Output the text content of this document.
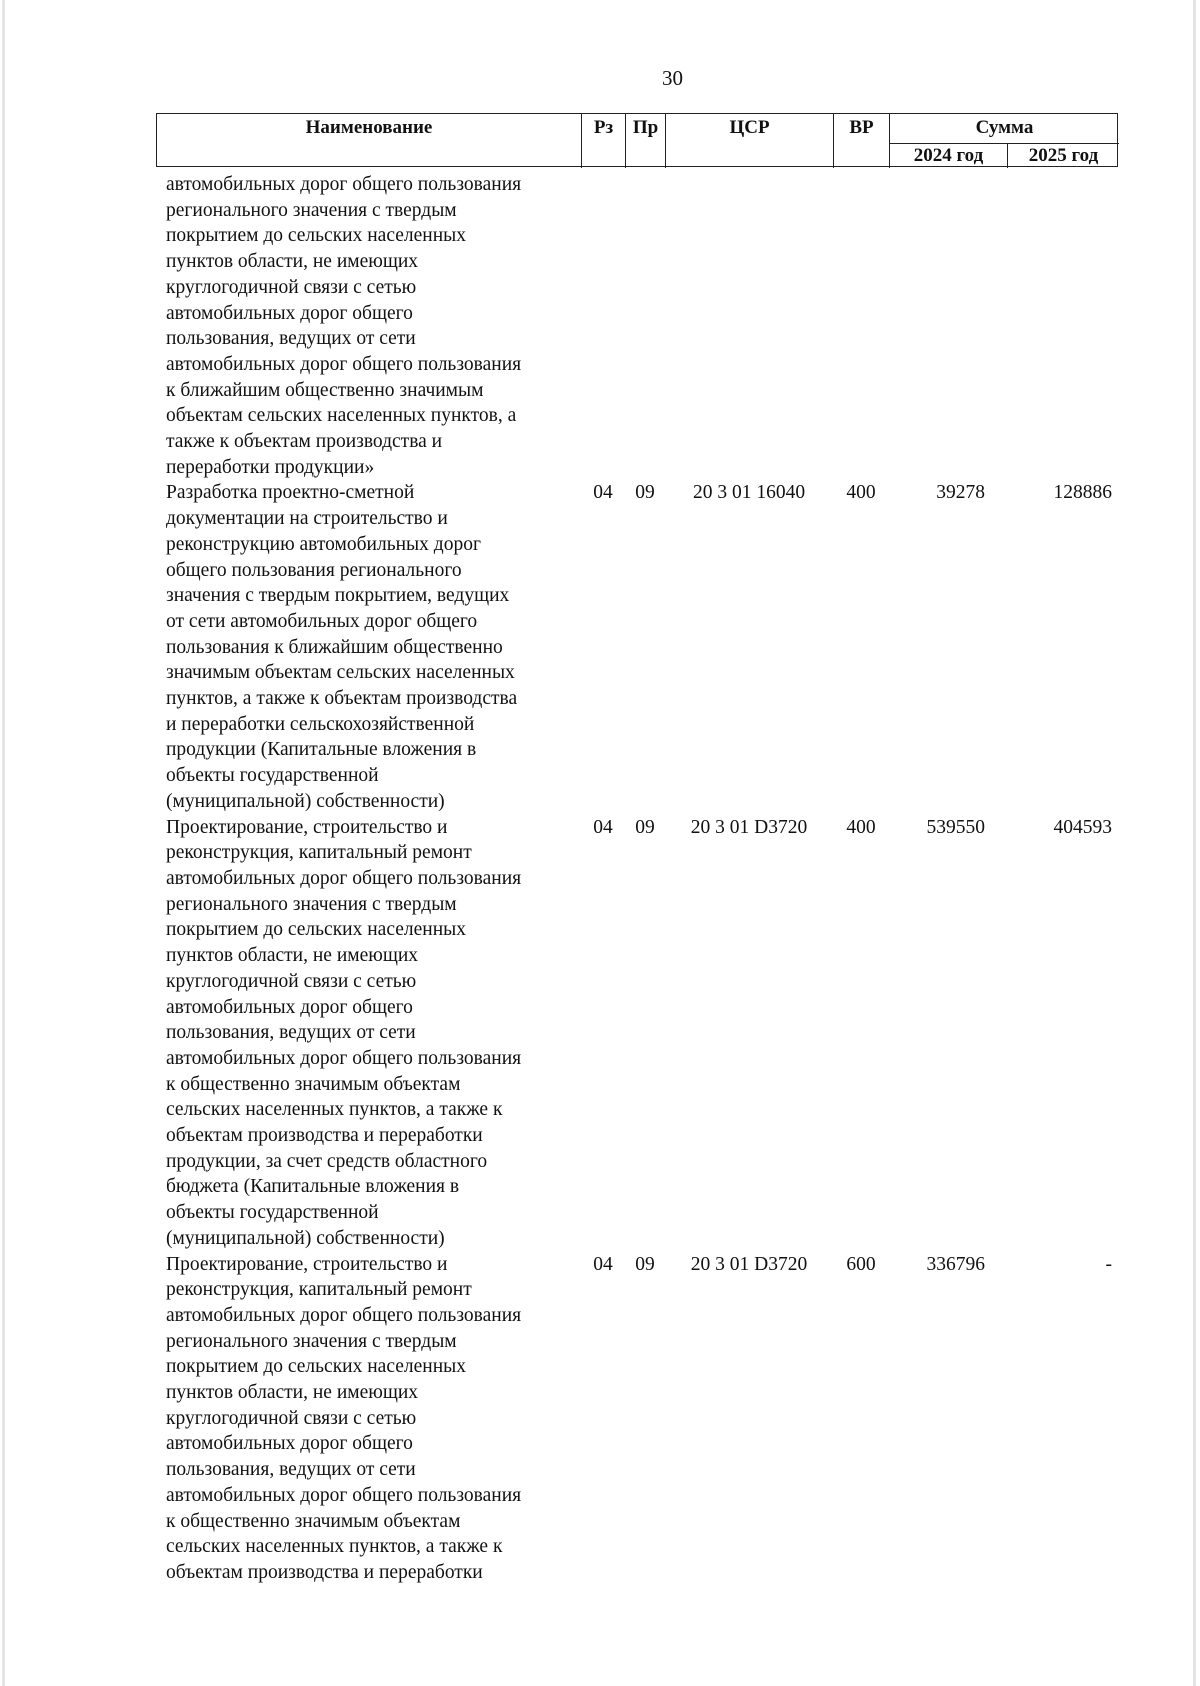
30
Наименование	Рз	Пр	ЦСР	ВР	Сумма
2024 год	2025 год
автомобильных дорог общего пользования
регионального значения с твердым
покрытием до сельских населенных
пунктов области, не имеющих
круглогодичной связи с сетью
автомобильных дорог общего
пользования, ведущих от сети
автомобильных дорог общего пользования
к ближайшим общественно значимым
объектам сельских населенных пунктов, а
также к объектам производства и
переработки продукции»
Разработка проектно-сметной
документации на строительство и
реконструкцию автомобильных дорог
общего пользования регионального
значения с твердым покрытием, ведущих
от сети автомобильных дорог общего
пользования к ближайшим общественно
значимым объектам сельских населенных
пунктов, а также к объектам производства
и переработки сельскохозяйственной
продукции (Капитальные вложения в
объекты государственной
(муниципальной) собственности)
04	09	20 3 01 16040	400	39278	128886
Проектирование, строительство и
реконструкция, капитальный ремонт
автомобильных дорог общего пользования
регионального значения с твердым
покрытием до сельских населенных
пунктов области, не имеющих
круглогодичной связи с сетью
автомобильных дорог общего
пользования, ведущих от сети
автомобильных дорог общего пользования
к общественно значимым объектам
сельских населенных пунктов, а также к
объектам производства и переработки
продукции, за счет средств областного
бюджета (Капитальные вложения в
объекты государственной
(муниципальной) собственности)
04	09	20 3 01 D3720	400	539550	404593
Проектирование, строительство и
реконструкция, капитальный ремонт
автомобильных дорог общего пользования
регионального значения с твердым
покрытием до сельских населенных
пунктов области, не имеющих
круглогодичной связи с сетью
автомобильных дорог общего
пользования, ведущих от сети
автомобильных дорог общего пользования
к общественно значимым объектам
сельских населенных пунктов, а также к
объектам производства и переработки
04	09	20 3 01 D3720	600	336796	-
